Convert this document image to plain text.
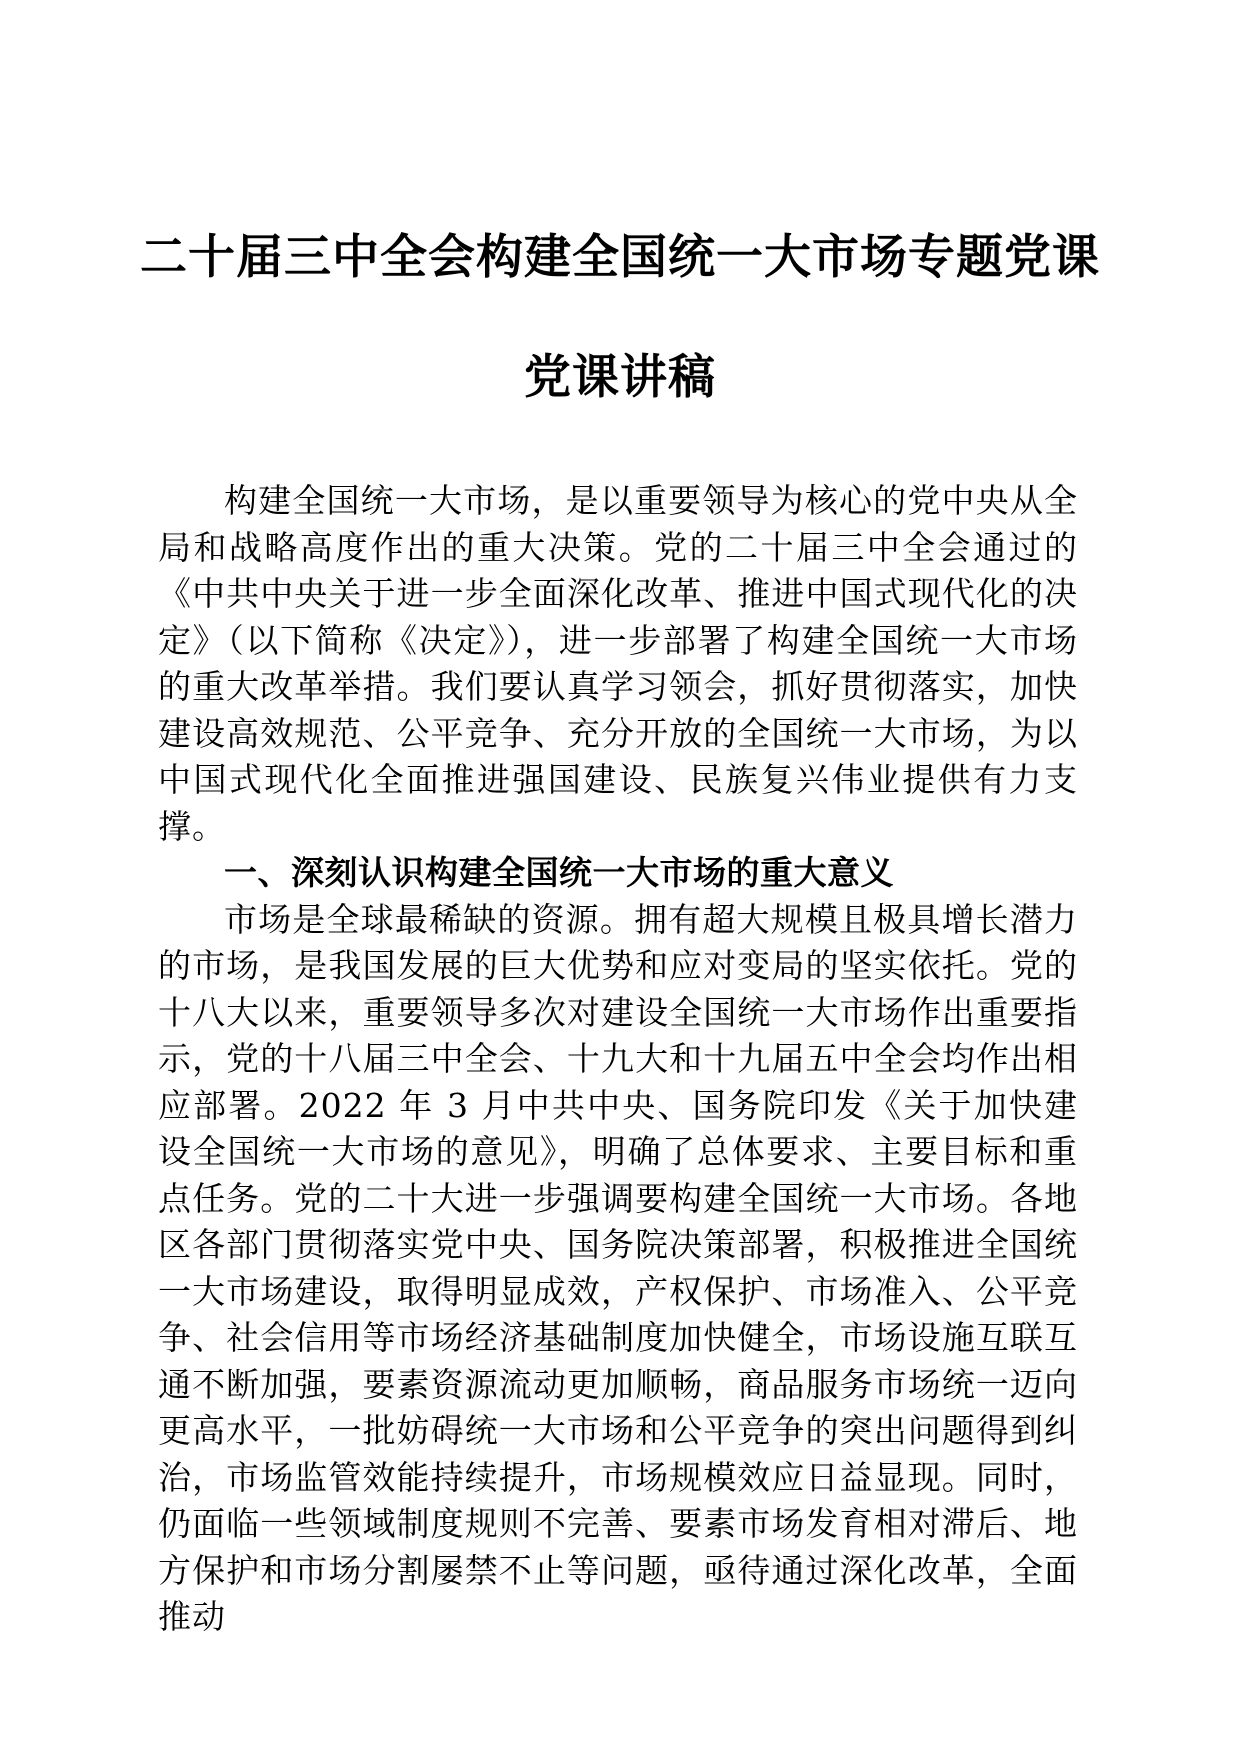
二十届三中全会构建全国统一大市场专题党课
党课讲稿

构建全国统一大市场，是以重要领导为核心的党中央从全局和战略高度作出的重大决策。党的二十届三中全会通过的《中共中央关于进一步全面深化改革、推进中国式现代化的决定》（以下简称《决定》），进一步部署了构建全国统一大市场的重大改革举措。我们要认真学习领会，抓好贯彻落实，加快建设高效规范、公平竞争、充分开放的全国统一大市场，为以中国式现代化全面推进强国建设、民族复兴伟业提供有力支撑。

一、深刻认识构建全国统一大市场的重大意义

市场是全球最稀缺的资源。拥有超大规模且极具增长潜力的市场，是我国发展的巨大优势和应对变局的坚实依托。党的十八大以来，重要领导多次对建设全国统一大市场作出重要指示，党的十八届三中全会、十九大和十九届五中全会均作出相应部署。2022 年 3 月中共中央、国务院印发《关于加快建设全国统一大市场的意见》，明确了总体要求、主要目标和重点任务。党的二十大进一步强调要构建全国统一大市场。各地区各部门贯彻落实党中央、国务院决策部署，积极推进全国统一大市场建设，取得明显成效，产权保护、市场准入、公平竞争、社会信用等市场经济基础制度加快健全，市场设施互联互通不断加强，要素资源流动更加顺畅，商品服务市场统一迈向更高水平，一批妨碍统一大市场和公平竞争的突出问题得到纠治，市场监管效能持续提升，市场规模效应日益显现。同时，仍面临一些领域制度规则不完善、要素市场发育相对滞后、地方保护和市场分割屡禁不止等问题，亟待通过深化改革，全面推动
